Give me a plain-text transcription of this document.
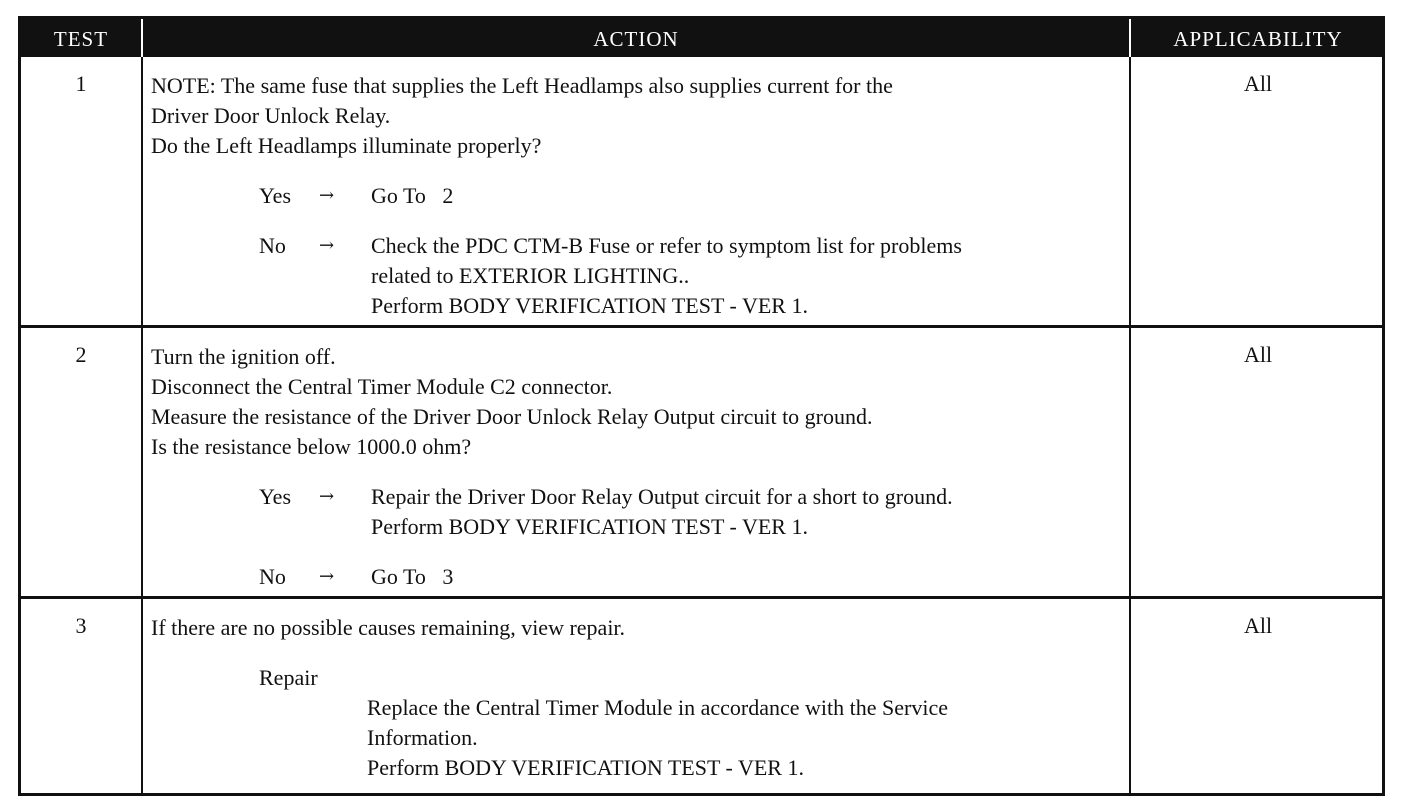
TEST	ACTION	APPLICABILITY
1	NOTE: The same fuse that supplies the Left Headlamps also supplies current for the
Driver Door Unlock Relay.
Do the Left Headlamps illuminate properly?
Yes	→	Go To   2
No	→	Check the PDC CTM-B Fuse or refer to symptom list for problems
related to EXTERIOR LIGHTING..
Perform BODY VERIFICATION TEST - VER 1.
All
2	Turn the ignition off.
Disconnect the Central Timer Module C2 connector.
Measure the resistance of the Driver Door Unlock Relay Output circuit to ground.
Is the resistance below 1000.0 ohm?
Yes	→	Repair the Driver Door Relay Output circuit for a short to ground.
Perform BODY VERIFICATION TEST - VER 1.
No	→	Go To   3
All
3	If there are no possible causes remaining, view repair.
Repair
Replace the Central Timer Module in accordance with the Service
Information.
Perform BODY VERIFICATION TEST - VER 1.
All
